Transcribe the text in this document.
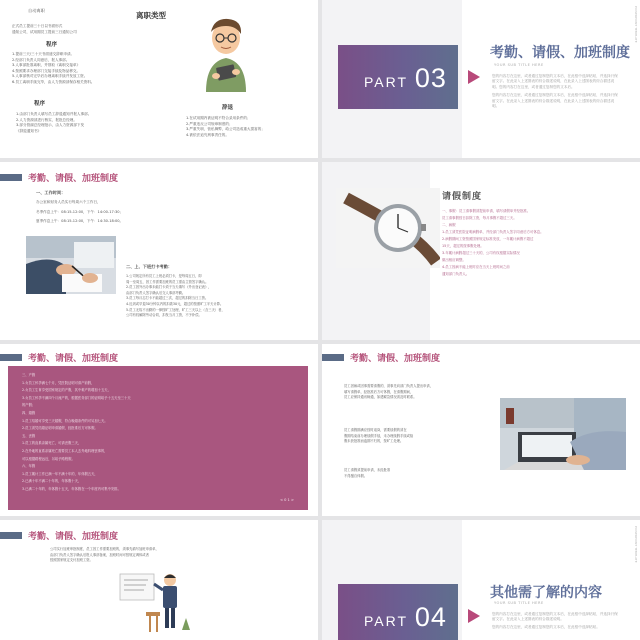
自动离职
离职类型
正式员工提前三十日以书面形式
通知公司，试用期员工提前三日通知公司
程序
1.提前三天/三十天书面递交辞职申请。
2.经部门负责人同意后，报人事部。
3.人事部批准离职，并领取《离职交接单》
4.按照要求办理部门交接手续及物品移交。
5.人事部核对完毕后办理离职手续并发放工资。
6.员工离职手续完毕，由人力资源部保存相关资料。
程序
1.由部门负责人填写员工辞退通知并报人事部。
2.人力资源部进行核实，报批总经理。
3.部分管副总经理批示，由人力资源部下发
《辞退通知书》
辞退
1.在试用期内被证明不符合录用条件的；
2.严重违反公司规章制度的；
3.严重失职，营私舞弊，给公司造成重大损害的；
4.被依法追究刑事责任的。
PART 03
考勤、请假、加班制度
YOUR SUB TITLE HERE
您的内容打在这里，或者通过复制您的文本后，在此框中选择粘贴，并选择只保留文字。在此录入上述图表的综合描述说明，在此录入上述图表的综合描述说明。您的内容打在这里，或者通过复制您的文本后。
您的内容打在这里，或者通过复制您的文本后，在此框中选择粘贴，并选择只保留文字。在此录入上述图表的综合描述说明，在此录入上述图表的综合描述说明。
POWERPOINT TEMPLATE
考勤、请假、加班制度
一、工作时间：
办公室和财务人员实行每周六个工作日，
冬季作息上午：08:15-12:00，下午：14:00-17:30；
夏季作息上午：08:15-12:00，下午：14:30-18:00。
二、上、下班打卡考勤：
1.公司规定所有员工上班必须打卡，是每周五日，即
周一至周五，因工作需要加班的员工需由主管签字确认。
2.员工因外出办事未能打卡须于当天填写《外出登记表》，
由部门负责人签字确认后交人事部考勤。
3.员工每月忘打卡不能超过三次，超过的扣除当日工资。
4.迟到或早退30分钟以内的扣款30元，超过的按照旷工半天计算。
5.员工无故不出勤的一律按旷工处理，旷工三天以上（含三天）者，
公司有权解除劳动合同，扣发当月工资，不予补偿。
请假制度
一、事假：员工请事假须提前申请，填写请假单并经批准。
员工请事假按日扣除工资，每月事假不超过三天。
二、病假
1.员工须凭医院证明病假单，并经部门负责人签字同意后方可休息。
2.病假期间工资按照国家规定标准发放，一年累计病假不超过
15天，超过的按事假处理。
3.年累计病假超过三十天的，公司有权根据实际情况
做出相应调整。
4.员工因病不能上班时应在当天上班时间之前
通知部门负责人。
考勤、请假、加班制度
三、产假
1.女员工怀孕满七个月，凭医院证明可请产前假，
2.女员工生育享受国家规定的产假，其中难产的增加十五天，
3.女员工怀孕不满四个月流产的，根据医务部门的证明给予十五天至三十天
的产假；
四、婚假
1.员工结婚可享受三天婚假，符合晚婚条件的可另加七天。
2.员工须凭结婚证明申请婚假，经批准后方可休假。
五、丧假
1.员工的直系亲属死亡，可请丧假三天，
2.在外地的直系亲属死亡需要员工本人去外地料理丧事的，
可以根据路程远近，另给予路程假。
六、年假
1.员工累计工作已满一年不满十年的，年休假五天，
2.已满十年不满二十年的，年休假十天，
3.已满二十年的，年休假十五天，年休假在一个年度内可集中安排。
< 0 1 >
考勤、请假、加班制度
员工因病或因事需要请假的，须事先向部门负责人提出申请，
填写请假单，经批准后方可休假，在请假期间，
员工应保持通讯畅通，如遇紧急情况须及时联系。
员工请假期满应按时返岗，需要续假的须在
假期结束前办理续假手续，未办理续假手续或续
假未获批准而逾期不归的，按旷工处理。
员工请假须提前申请，未经批准
不得擅自休假。
考勤、请假、加班制度
公司实行加班审批制度，员工因工作需要加班的，须事先填写加班申请单，
由部门负责人签字确认后报人事部备案，加班时间可按规定调休或者
按照国家规定支付加班工资。
PART 04
其他需了解的内容
YOUR SUB TITLE HERE
您的内容打在这里，或者通过复制您的文本后，在此框中选择粘贴，并选择只保留文字。在此录入上述图表的综合描述说明。
您的内容打在这里，或者通过复制您的文本后，在此框中选择粘贴。
POWERPOINT TEMPLATE
